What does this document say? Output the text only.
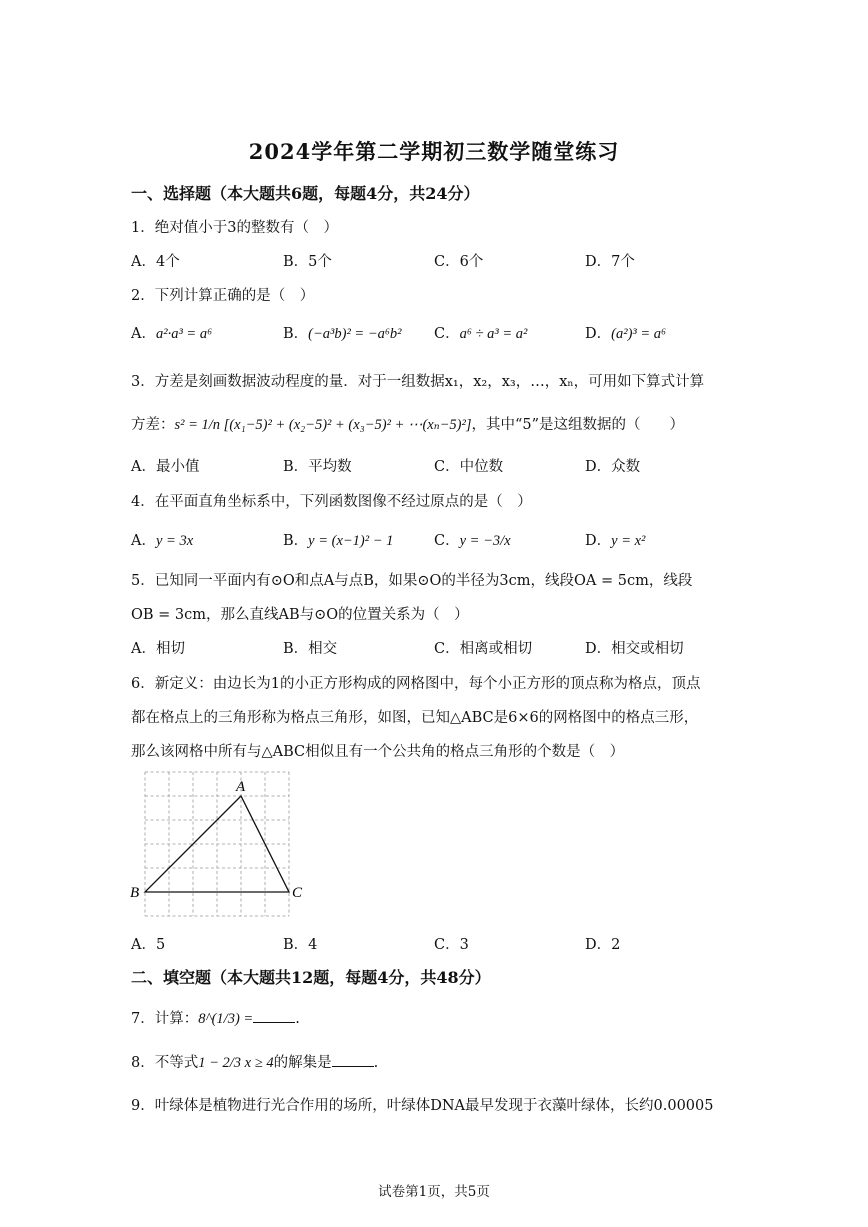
2024学年第二学期初三数学随堂练习
一、选择题（本大题共6题，每题4分，共24分）
1．绝对值小于3的整数有（　）
A．4个	B．5个	C．6个	D．7个
2．下列计算正确的是（　）
A．a²·a³ = a⁶	B．(−a³b)² = −a⁶b² C．a⁶ ÷ a³ = a²	D．(a²)³ = a⁶
3．方差是刻画数据波动程度的量．对于一组数据x₁，x₂，x₃，…，xₙ，可用如下算式计算
方差：s² = 1/n [(x₁−5)² + (x₂−5)² + (x₃−5)² + ⋯(xₙ−5)²]，其中“5”是这组数据的（　　）
A．最小值	B．平均数	C．中位数	D．众数
4．在平面直角坐标系中，下列函数图像不经过原点的是（　）
A．y = 3x	B．y = (x−1)² − 1	C．y = −3/x	D．y = x²
5．已知同一平面内有⊙O和点A与点B，如果⊙O的半径为3cm，线段OA = 5cm，线段
OB = 3cm，那么直线AB与⊙O的位置关系为（　）
A．相切	B．相交	C．相离或相切	D．相交或相切
6．新定义：由边长为1的小正方形构成的网格图中，每个小正方形的顶点称为格点，顶点
都在格点上的三角形称为格点三角形，如图，已知△ABC是6×6的网格图中的格点三形，
那么该网格中所有与△ABC相似且有一个公共角的格点三角形的个数是（　）
A
B	C
A．5	B．4	C．3	D．2
二、填空题（本大题共12题，每题4分，共48分）
7．计算：8^(1/3) =	.
8．不等式1 − 2/3 x ≥ 4的解集是	.
9．叶绿体是植物进行光合作用的场所，叶绿体DNA最早发现于衣藻叶绿体，长约0.00005
试卷第1页，共5页
